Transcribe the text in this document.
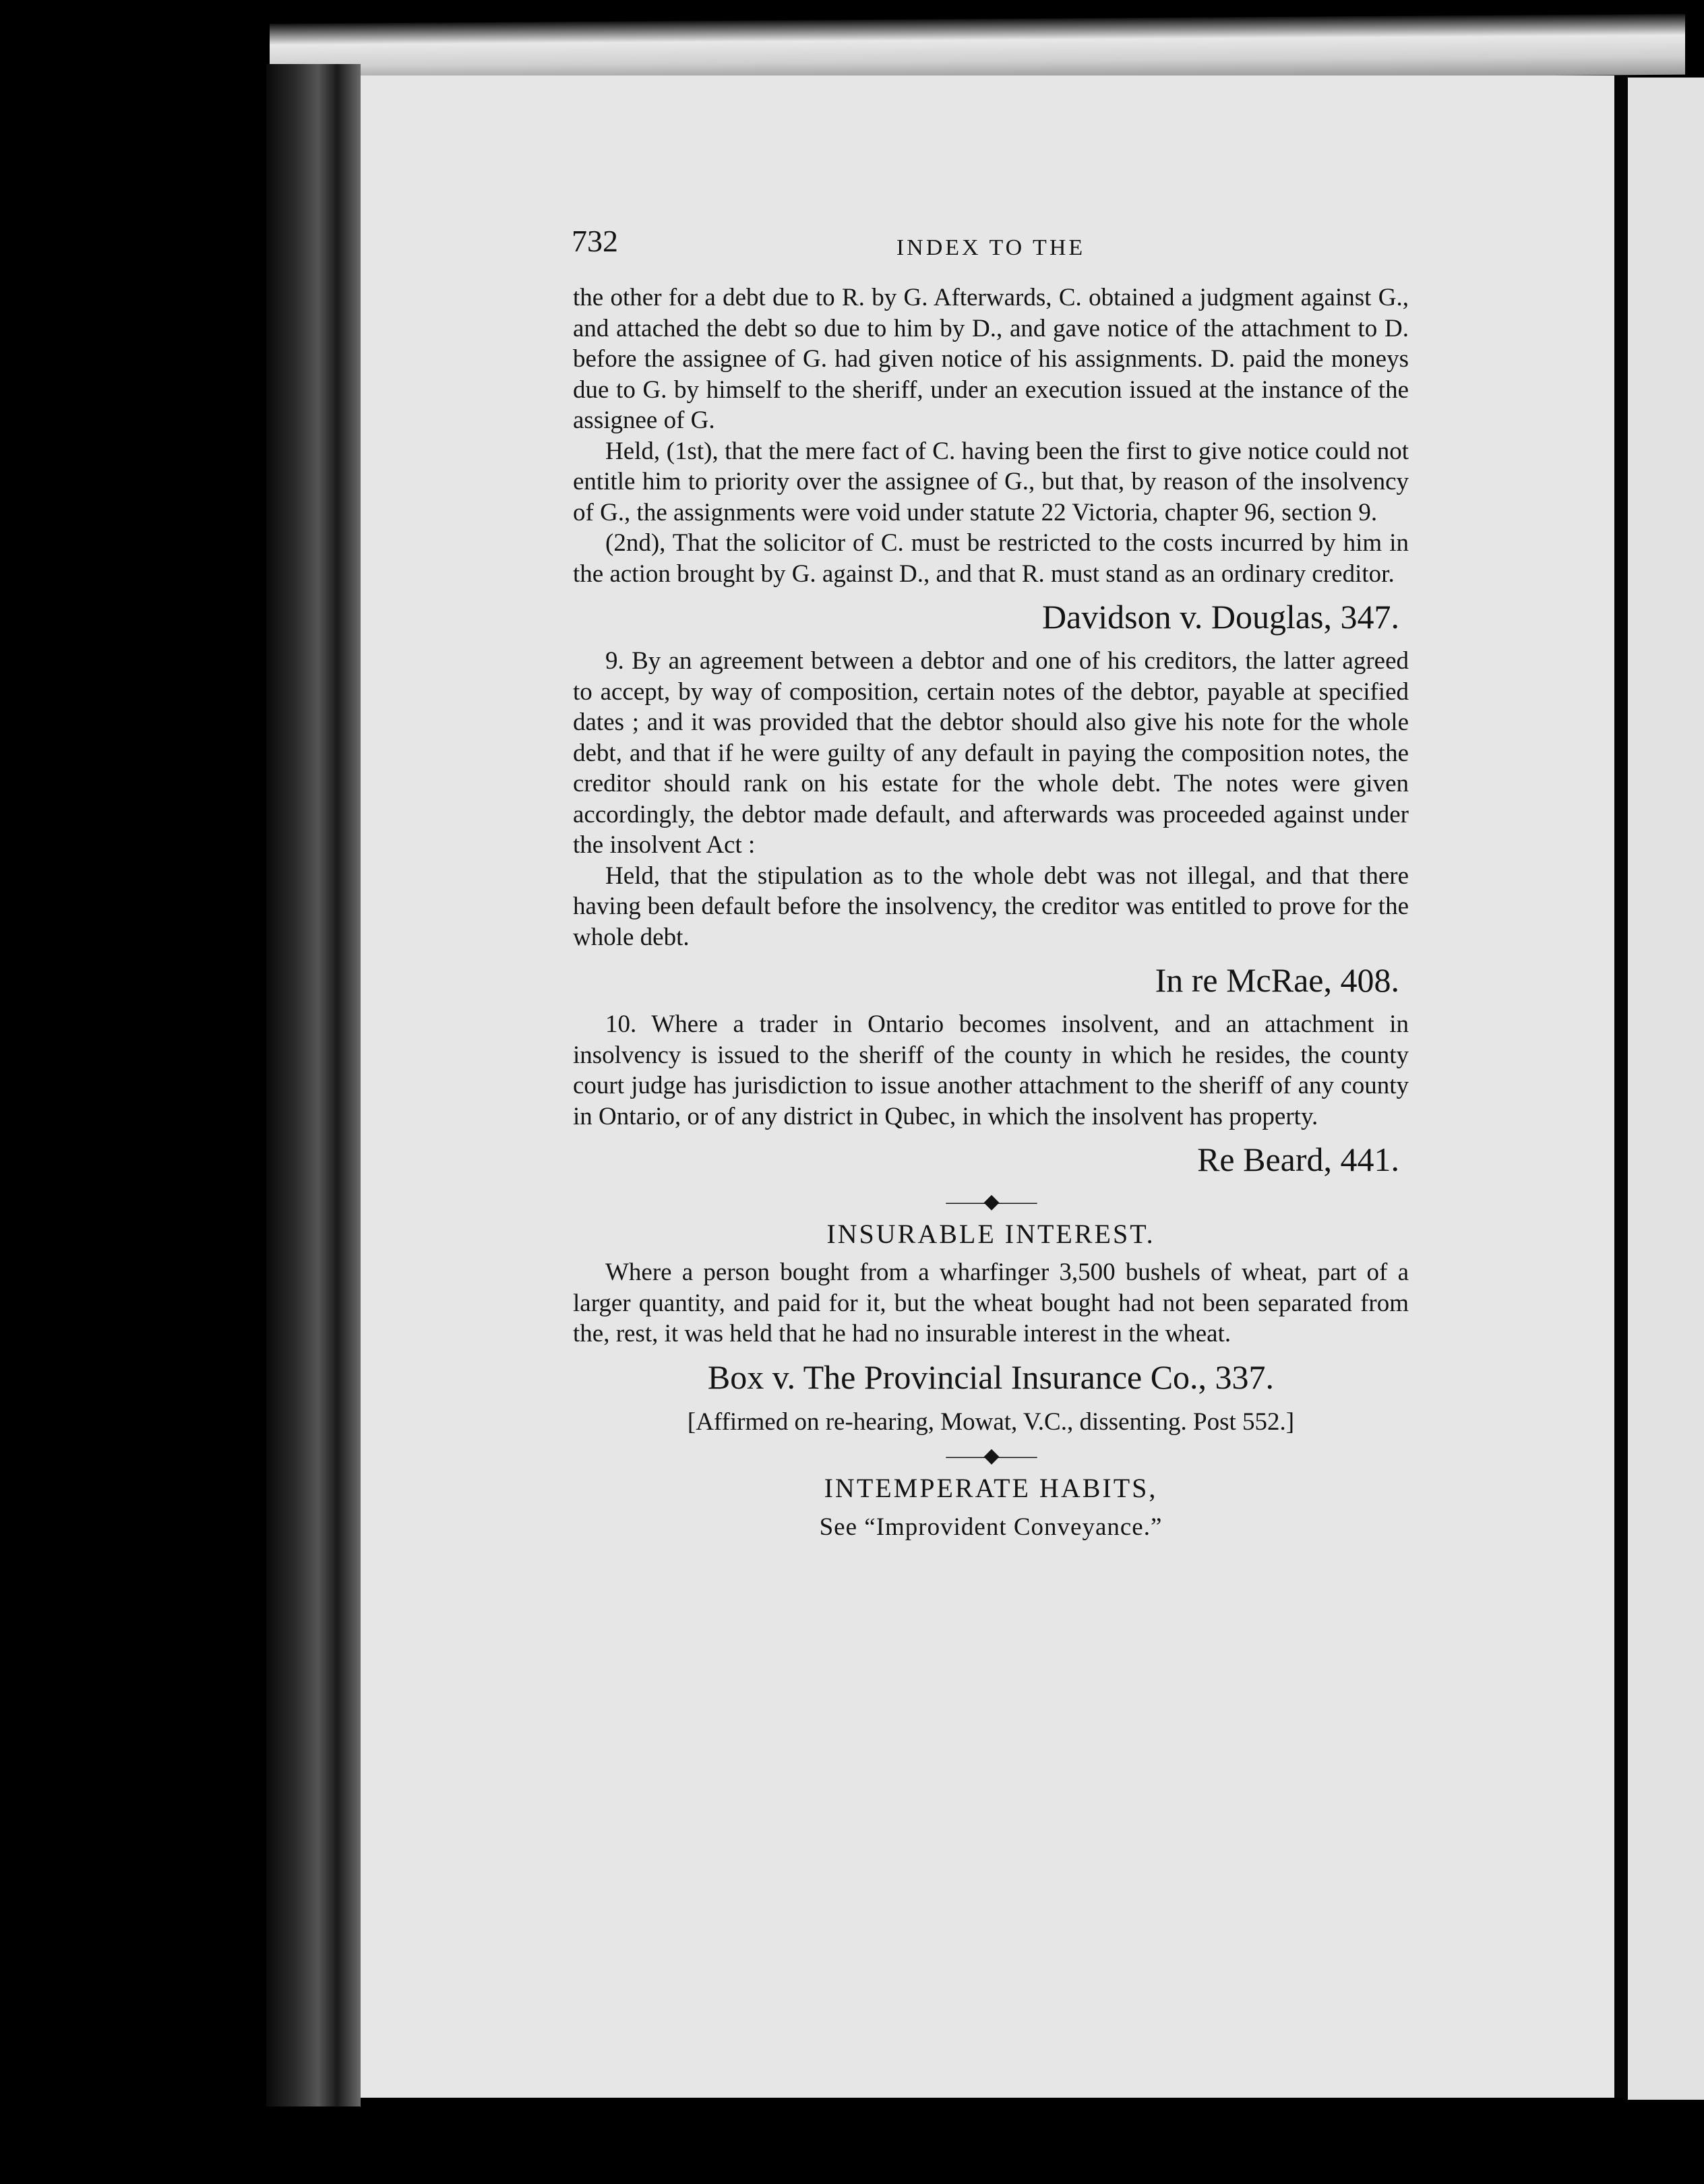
732	INDEX TO THE

the other for a debt due to R. by G. Afterwards, C. obtained a judgment against G., and attached the debt so due to him by D., and gave notice of the attachment to D. before the assignee of G. had given notice of his assignments. D. paid the moneys due to G. by himself to the sheriff, under an execution issued at the instance of the assignee of G.

Held, (1st), that the mere fact of C. having been the first to give notice could not entitle him to priority over the assignee of G., but that, by reason of the insolvency of G., the assignments were void under statute 22 Victoria, chapter 96, section 9.

(2nd), That the solicitor of C. must be restricted to the costs incurred by him in the action brought by G. against D., and that R. must stand as an ordinary creditor.

Davidson v. Douglas, 347.

9. By an agreement between a debtor and one of his creditors, the latter agreed to accept, by way of composition, certain notes of the debtor, payable at specified dates ; and it was provided that the debtor should also give his note for the whole debt, and that if he were guilty of any default in paying the composition notes, the creditor should rank on his estate for the whole debt. The notes were given accordingly, the debtor made default, and afterwards was proceeded against under the insolvent Act :

Held, that the stipulation as to the whole debt was not illegal, and that there having been default before the insolvency, the creditor was entitled to prove for the whole debt.

In re McRae, 408.

10. Where a trader in Ontario becomes insolvent, and an attachment in insolvency is issued to the sheriff of the county in which he resides, the county court judge has jurisdiction to issue another attachment to the sheriff of any county in Ontario, or of any district in Qubec, in which the insolvent has property.

Re Beard, 441.
——◆——
INSURABLE INTEREST.

Where a person bought from a wharfinger 3,500 bushels of wheat, part of a larger quantity, and paid for it, but the wheat bought had not been separated from the, rest, it was held that he had no insurable interest in the wheat.

Box v. The Provincial Insurance Co., 337.
[Affirmed on re-hearing, Mowat, V.C., dissenting. Post 552.]
——◆——
INTEMPERATE HABITS,
See “Improvident Conveyance.”
